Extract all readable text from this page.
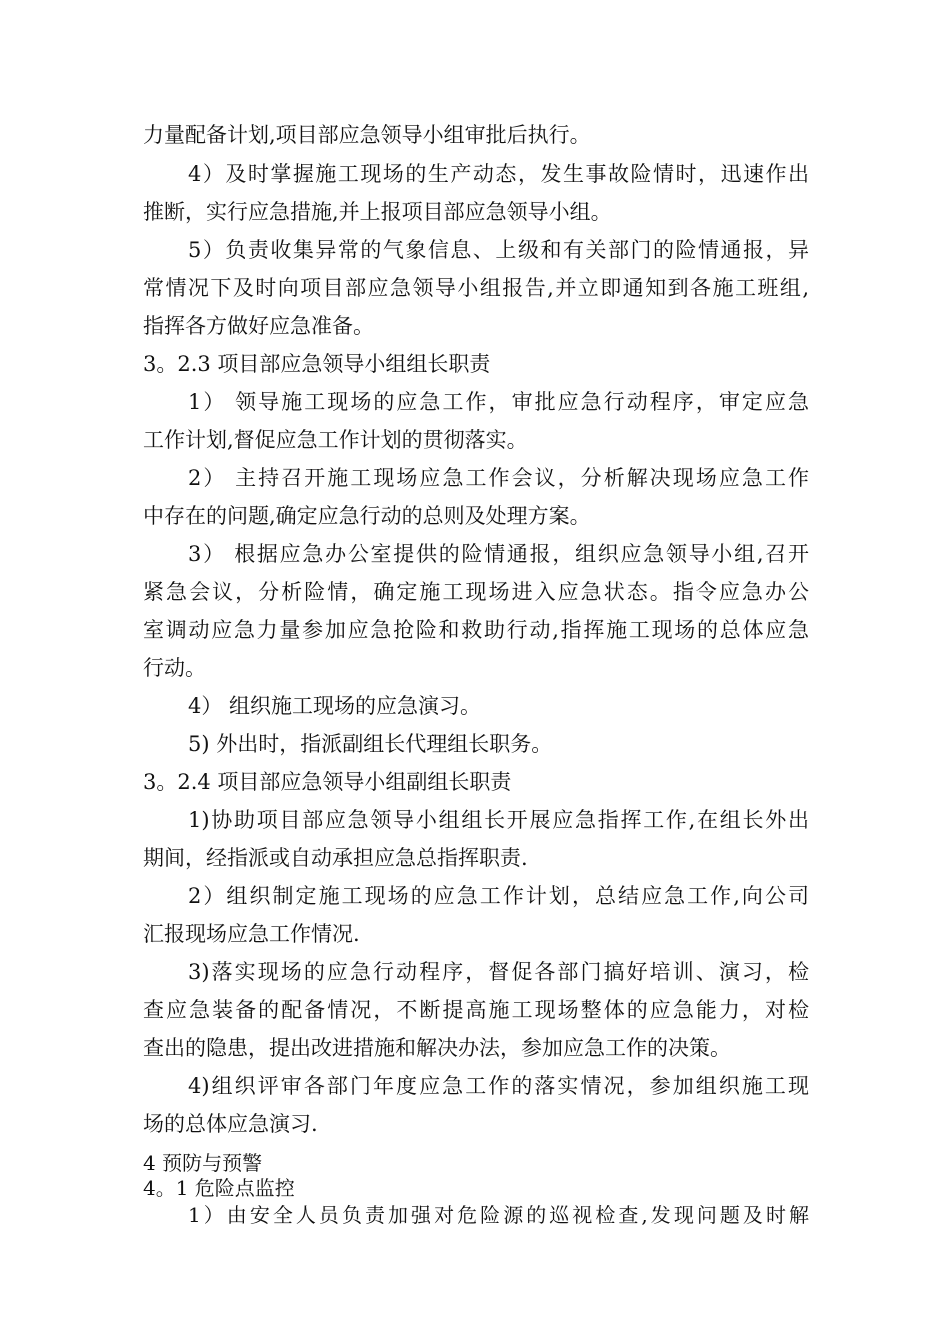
力量配备计划,项目部应急领导小组审批后执行。
4）及时掌握施工现场的生产动态，发生事故险情时，迅速作出
推断，实行应急措施,并上报项目部应急领导小组。
5）负责收集异常的气象信息、上级和有关部门的险情通报，异
常情况下及时向项目部应急领导小组报告,并立即通知到各施工班组,
指挥各方做好应急准备。
3。2.3 项目部应急领导小组组长职责
1） 领导施工现场的应急工作，审批应急行动程序，审定应急
工作计划,督促应急工作计划的贯彻落实。
2） 主持召开施工现场应急工作会议，分析解决现场应急工作
中存在的问题,确定应急行动的总则及处理方案。
3） 根据应急办公室提供的险情通报，组织应急领导小组,召开
紧急会议，分析险情，确定施工现场进入应急状态。指令应急办公
室调动应急力量参加应急抢险和救助行动,指挥施工现场的总体应急
行动。
4） 组织施工现场的应急演习。
5) 外出时，指派副组长代理组长职务。
3。2.4 项目部应急领导小组副组长职责
1)协助项目部应急领导小组组长开展应急指挥工作,在组长外出
期间，经指派或自动承担应急总指挥职责.
2）组织制定施工现场的应急工作计划，总结应急工作,向公司
汇报现场应急工作情况.
3)落实现场的应急行动程序，督促各部门搞好培训、演习，检
查应急装备的配备情况，不断提高施工现场整体的应急能力，对检
查出的隐患，提出改进措施和解决办法，参加应急工作的决策。
4)组织评审各部门年度应急工作的落实情况，参加组织施工现
场的总体应急演习.
4 预防与预警
4。1 危险点监控
1）由安全人员负责加强对危险源的巡视检查,发现问题及时解
